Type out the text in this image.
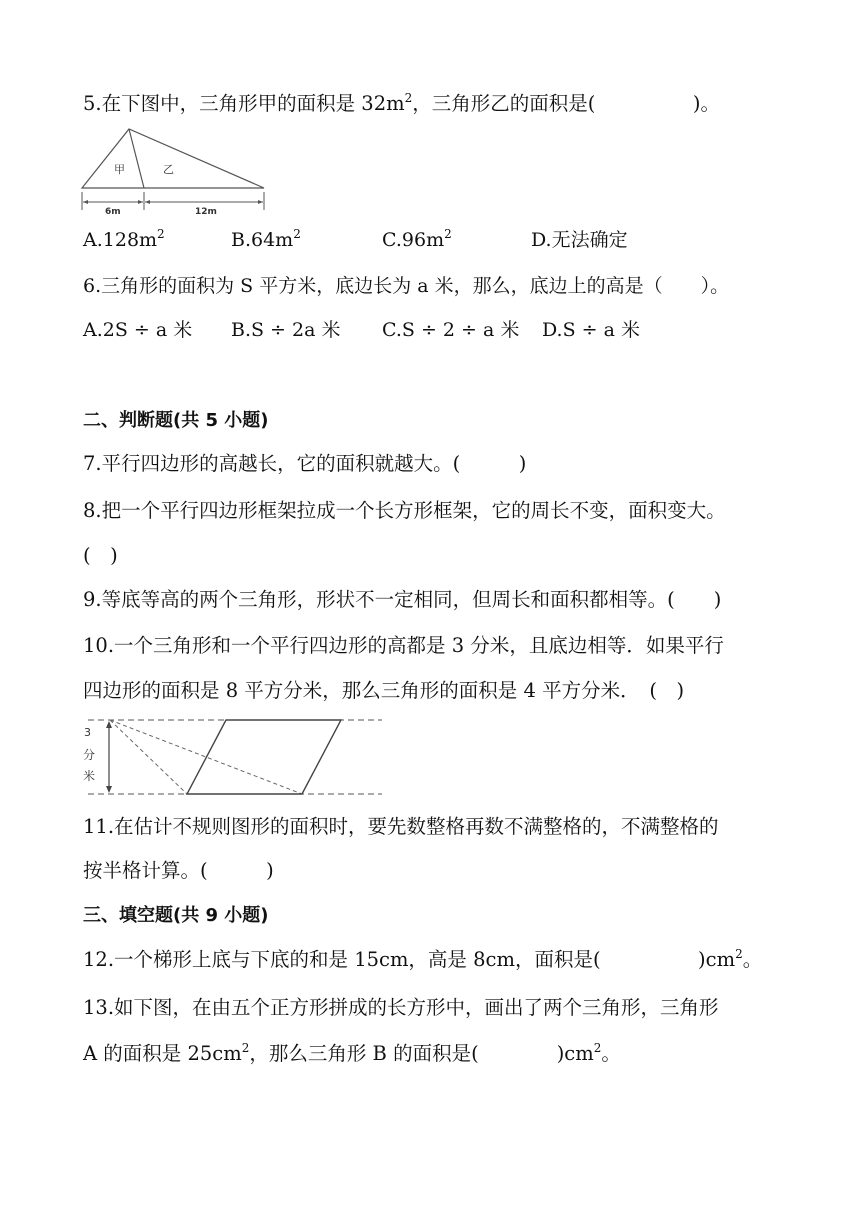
5.在下图中，三角形甲的面积是 $32m^2$，三角形乙的面积是(　　　　　)。
甲	乙
6m	12m
$A.128m^2$	$B.64m^2$	$C.96m^2$	D.无法确定
6.三角形的面积为 S 平方米，底边长为 a 米，那么，底边上的高是（　　）。
A.2S ÷ a 米 B.S ÷ 2a 米 C.S ÷ 2 ÷ a 米 D.S ÷ a 米
二、判断题(共 5 小题)
7.平行四边形的高越长，它的面积就越大。(　　　)
8.把一个平行四边形框架拉成一个长方形框架，它的周长不变，面积变大。
(　)
9.等底等高的两个三角形，形状不一定相同，但周长和面积都相等。(　　)
10.一个三角形和一个平行四边形的高都是 3 分米，且底边相等．如果平行
四边形的面积是 8 平方分米，那么三角形的面积是 4 平方分米．　(　)
3
分
米
11.在估计不规则图形的面积时，要先数整格再数不满整格的，不满整格的
按半格计算。(　　　)
三、填空题(共 9 小题)
12.一个梯形上底与下底的和是 15cm，高是 8cm，面积是(　　　　　)$cm^2$。
13.如下图，在由五个正方形拼成的长方形中，画出了两个三角形，三角形
A 的面积是 $25cm^2$，那么三角形 B 的面积是(　　　　)$cm^2$。
